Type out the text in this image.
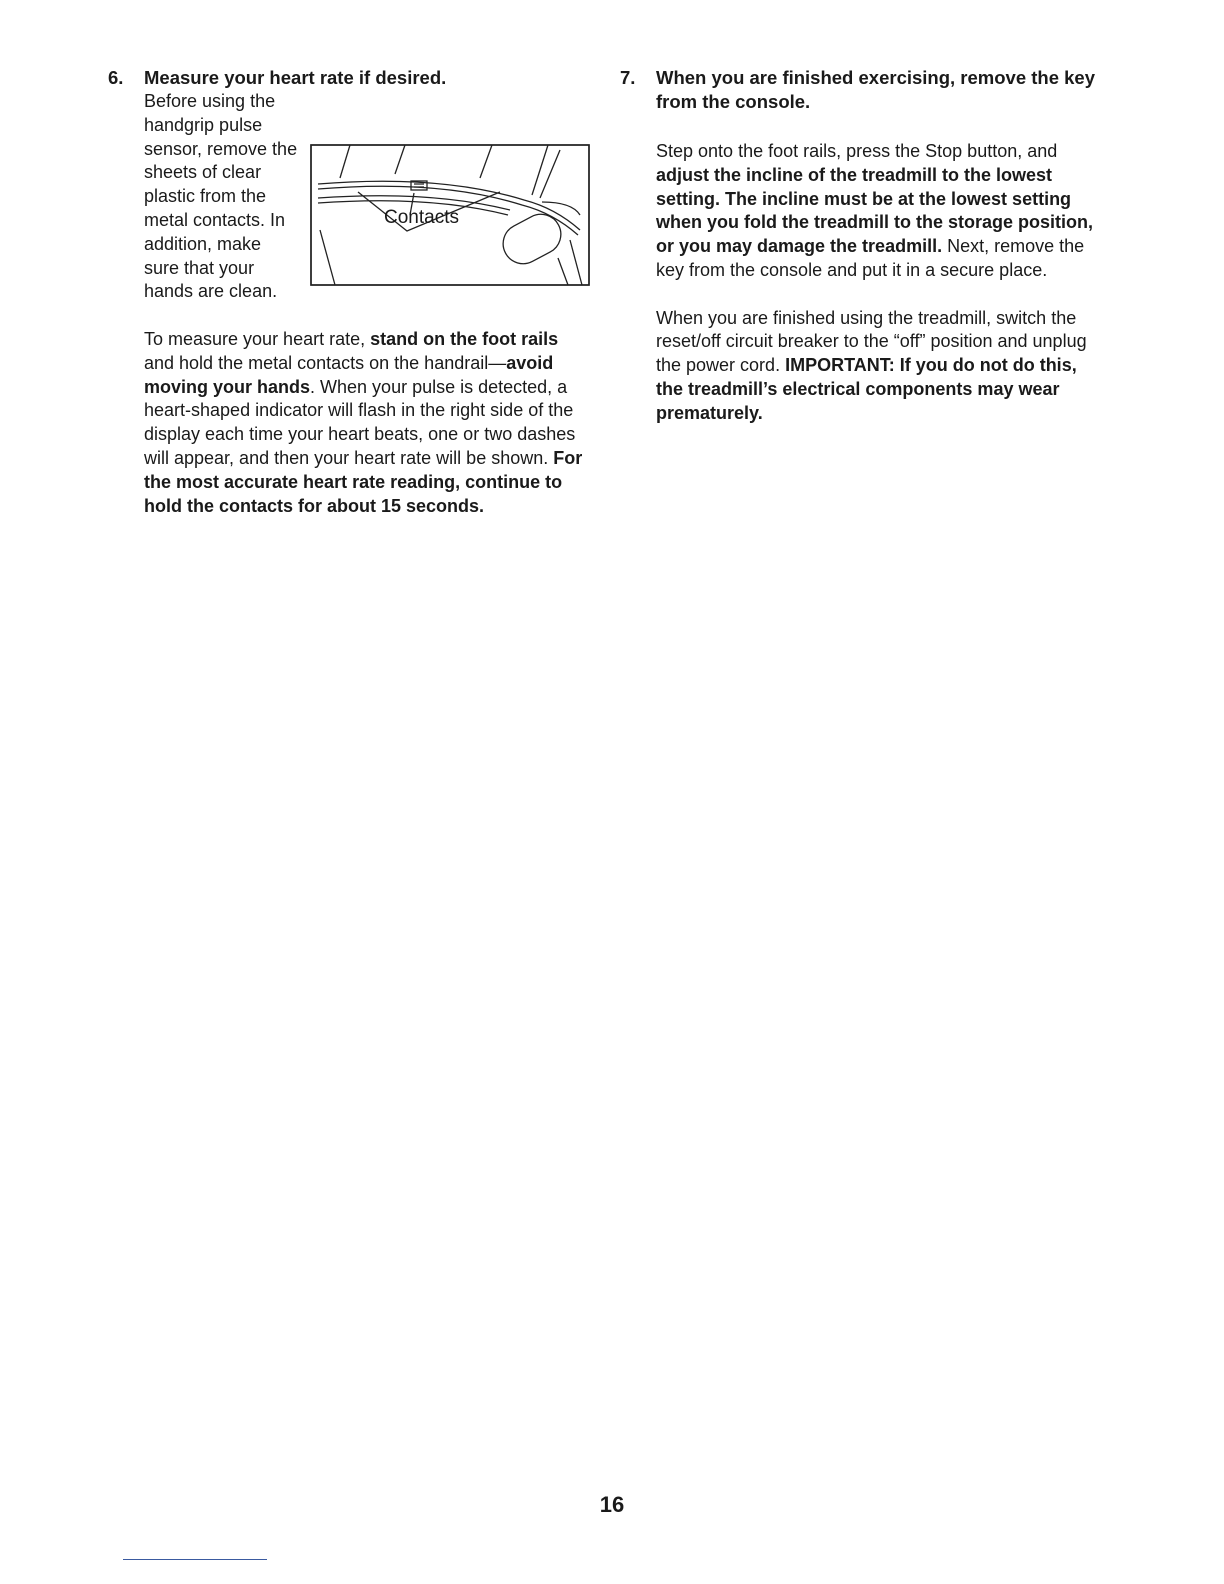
6.	Measure your heart rate if desired.
Contacts

Before using the handgrip pulse sensor, remove the sheets of clear plastic from the metal contacts. In addition, make sure that your hands are clean.

To measure your heart rate, stand on the foot rails and hold the metal contacts on the handrail—avoid moving your hands. When your pulse is detected, a heart-shaped indicator will flash in the right side of the display each time your heart beats, one or two dashes will appear, and then your heart rate will be shown. For the most accurate heart rate reading, continue to hold the contacts for about 15 seconds.

7.	When you are finished exercising, remove the key from the console.

Step onto the foot rails, press the Stop button, and adjust the incline of the treadmill to the lowest setting. The incline must be at the lowest setting when you fold the treadmill to the storage position, or you may damage the treadmill. Next, remove the key from the console and put it in a secure place.

When you are finished using the treadmill, switch the reset/off circuit breaker to the “off” position and unplug the power cord. IMPORTANT: If you do not do this, the treadmill’s electrical components may wear prematurely.

16
